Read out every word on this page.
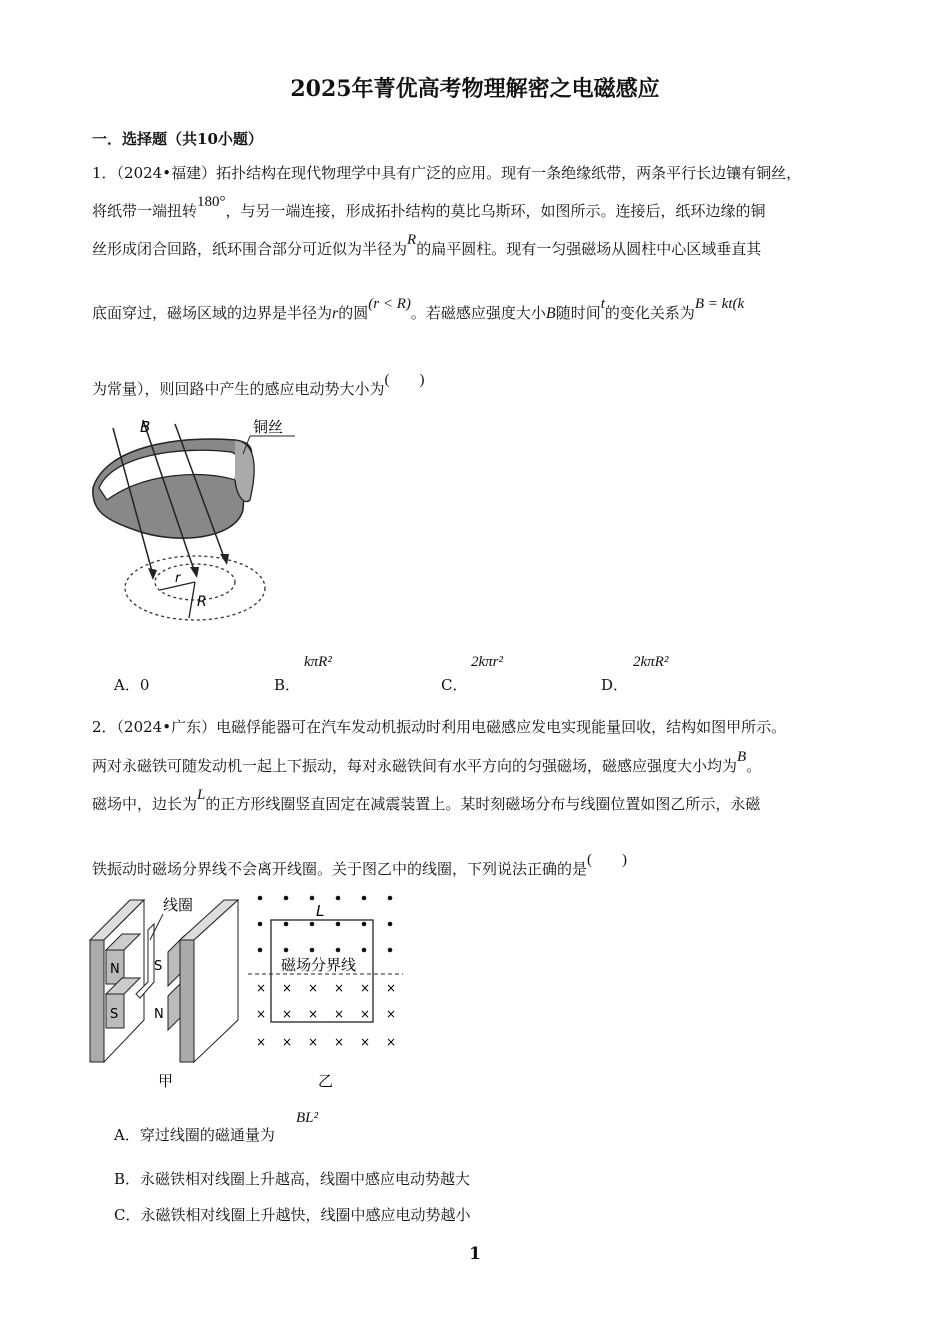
2025年菁优高考物理解密之电磁感应
一．选择题（共10小题）
1．（2024•福建）拓扑结构在现代物理学中具有广泛的应用。现有一条绝缘纸带，两条平行长边镶有铜丝，
将纸带一端扭转180°，与另一端连接，形成拓扑结构的莫比乌斯环，如图所示。连接后，纸环边缘的铜
丝形成闭合回路，纸环围合部分可近似为半径为R的扁平圆柱。现有一匀强磁场从圆柱中心区域垂直其
底面穿过，磁场区域的边界是半径为r的圆(r < R)。若磁感应强度大小B随时间t的变化关系为B = kt(k
为常量），则回路中产生的感应电动势大小为(　　)
B	铜丝
r
R
A．0	B．
kπR²
C．
2kπr²
D．
2kπR²
2．（2024•广东）电磁俘能器可在汽车发动机振动时利用电磁感应发电实现能量回收，结构如图甲所示。
两对永磁铁可随发动机一起上下振动，每对永磁铁间有水平方向的匀强磁场，磁感应强度大小均为B。
磁场中，边长为L的正方形线圈竖直固定在减震装置上。某时刻磁场分布与线圈位置如图乙所示，永磁
铁振动时磁场分界线不会离开线圈。关于图乙中的线圈，下列说法正确的是(　　)
N
S
S
N
线圈
甲
× × × × × ×
× × × × × ×
× × × × × ×
L
磁场分界线
乙
A．穿过线圈的磁通量为
BL²
B．永磁铁相对线圈上升越高，线圈中感应电动势越大
C．永磁铁相对线圈上升越快，线圈中感应电动势越小
1
